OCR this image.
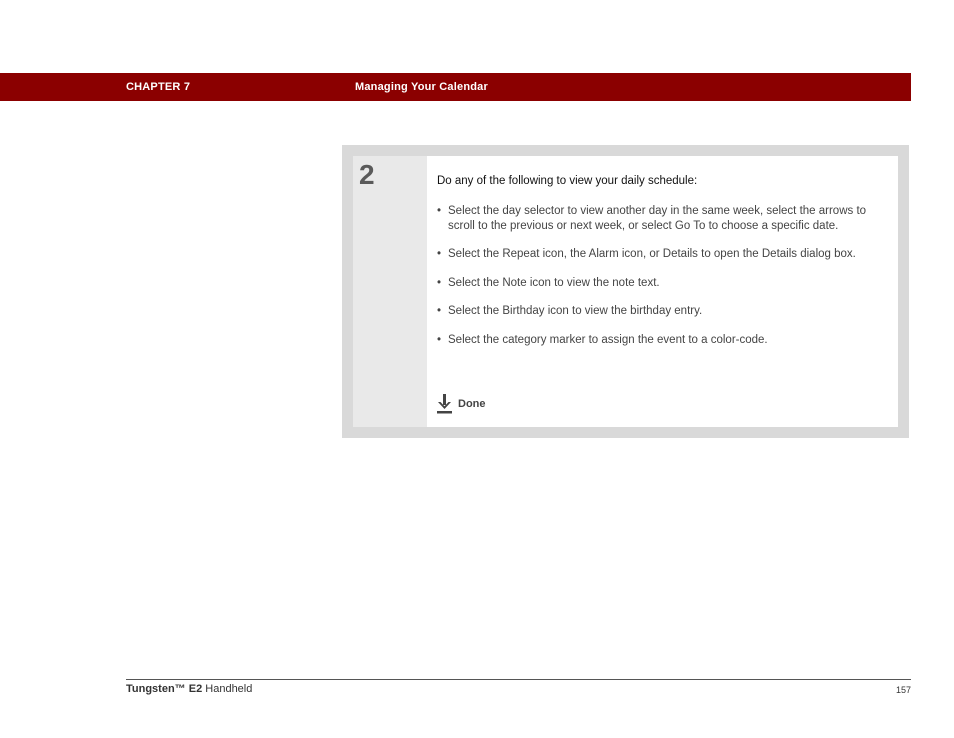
CHAPTER 7	Managing Your Calendar
2	Do any of the following to view your daily schedule:
• Select the day selector to view another day in the same week, select the arrows to scroll to the previous or next week, or select Go To to choose a specific date.
• Select the Repeat icon, the Alarm icon, or Details to open the Details dialog box.
• Select the Note icon to view the note text.
• Select the Birthday icon to view the birthday entry.
• Select the category marker to assign the event to a color-code.
Done
Tungsten™ E2 Handheld	157
